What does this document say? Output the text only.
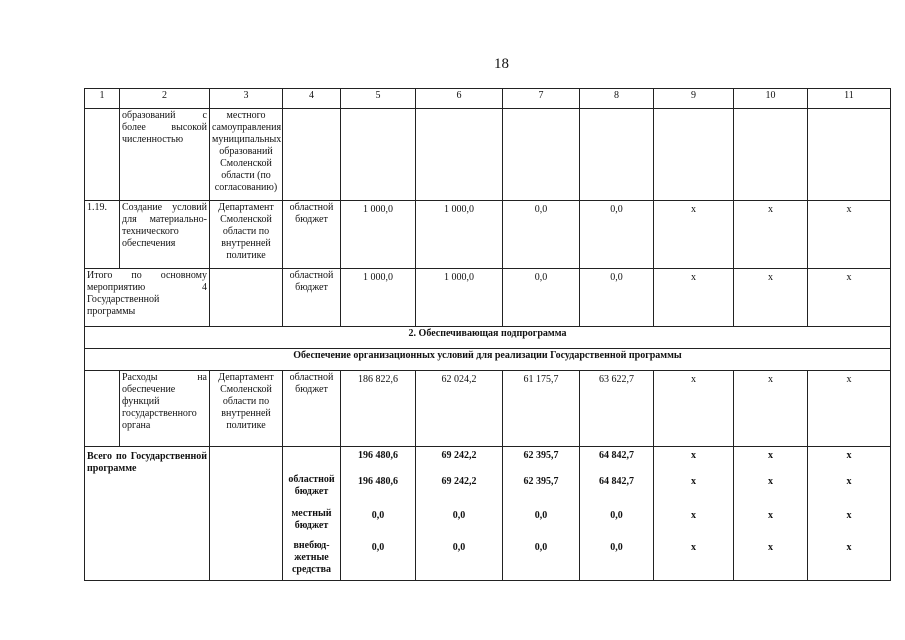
18
1	2	3	4	5	6	7	8	9	10	11
	образований с более высокой численностью	местного самоуправления муниципальных образований Смоленской области (по согласованию)								
1.19.	Создание условий для материально-технического обеспечения	Департамент Смоленской области по внутренней политике	областной бюджет	1 000,0	1 000,0	0,0	0,0	х	х	х
Итого по основному мероприятию 4 Государственной программы			областной бюджет	1 000,0	1 000,0	0,0	0,0	х	х	х
2. Обеспечивающая подпрограмма										
Обеспечение организационных условий для реализации Государственной программы										
	Расходы на обеспечение функций государственного органа	Департамент Смоленской области по внутренней политике	областной бюджет	186 822,6	62 024,2	61 175,7	63 622,7	х	х	х
Всего по Государственной программе				196 480,6	69 242,2	62 395,7	64 842,7	х	х	х
			областной бюджет	196 480,6	69 242,2	62 395,7	64 842,7	х	х	х
			местный бюджет	0,0	0,0	0,0	0,0	х	х	х
			внебюд-жетные средства	0,0	0,0	0,0	0,0	х	х	х
